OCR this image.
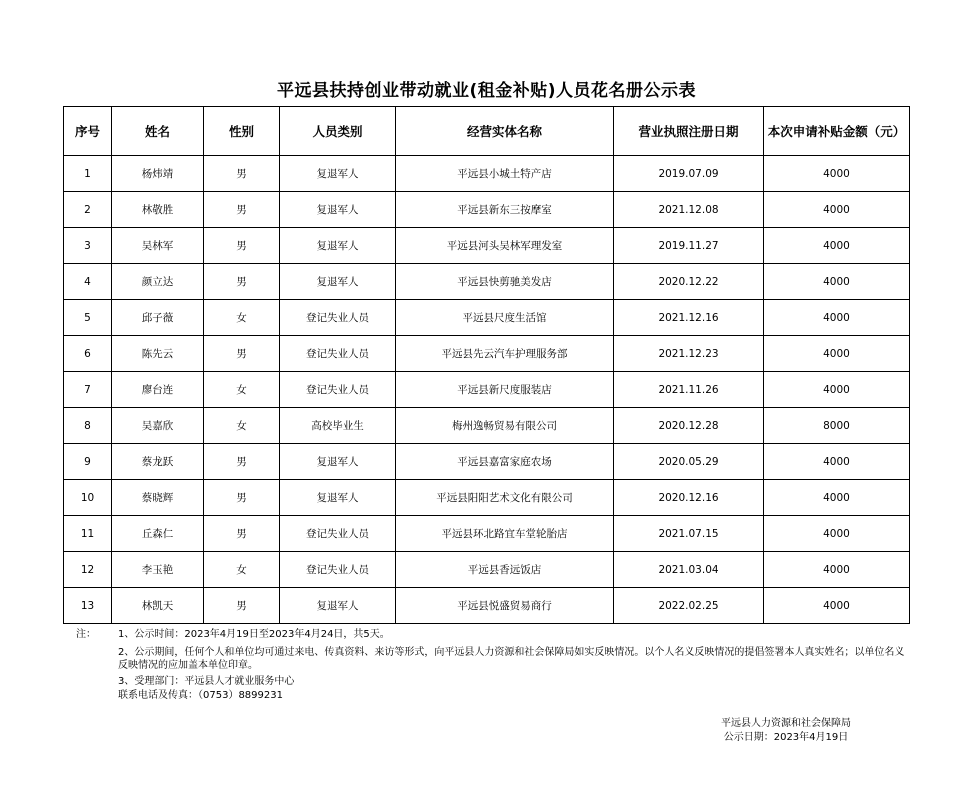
平远县扶持创业带动就业(租金补贴)人员花名册公示表
序号	姓名	性别	人员类别	经营实体名称	营业执照注册日期	本次申请补贴金额（元）
1	杨炜靖	男	复退军人	平远县小城土特产店	2019.07.09	4000
2	林敬胜	男	复退军人	平远县新东三按摩室	2021.12.08	4000
3	吴林军	男	复退军人	平远县河头吴林军理发室	2019.11.27	4000
4	颜立达	男	复退军人	平远县快剪驰美发店	2020.12.22	4000
5	邱子薇	女	登记失业人员	平远县尺度生活馆	2021.12.16	4000
6	陈先云	男	登记失业人员	平远县先云汽车护理服务部	2021.12.23	4000
7	廖台连	女	登记失业人员	平远县新尺度服装店	2021.11.26	4000
8	吴嘉欣	女	高校毕业生	梅州逸畅贸易有限公司	2020.12.28	8000
9	蔡龙跃	男	复退军人	平远县嘉富家庭农场	2020.05.29	4000
10	蔡晓辉	男	复退军人	平远县阳阳艺术文化有限公司	2020.12.16	4000
11	丘森仁	男	登记失业人员	平远县环北路宜车堂轮胎店	2021.07.15	4000
12	李玉艳	女	登记失业人员	平远县香远饭店	2021.03.04	4000
13	林凯天	男	复退军人	平远县悦盛贸易商行	2022.02.25	4000
注： 1、公示时间：2023年4月19日至2023年4月24日，共5天。
2、公示期间，任何个人和单位均可通过来电、传真资料、来访等形式，向平远县人力资源和社会保障局如实反映情况。以个人名义反映情况的提倡签署本人真实姓名；以单位名义反映情况的应加盖本单位印章。
3、受理部门：平远县人才就业服务中心
联系电话及传真：（0753）8899231
平远县人力资源和社会保障局
公示日期：2023年4月19日
